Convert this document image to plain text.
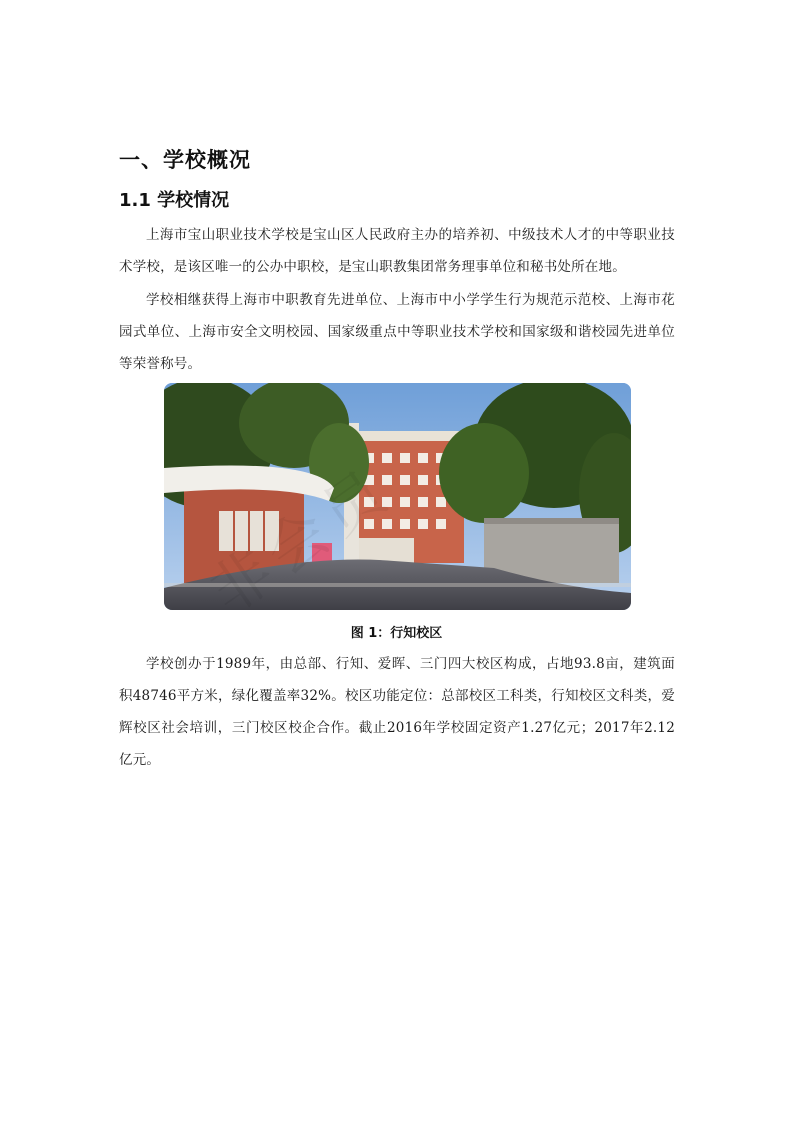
一、学校概况
1.1 学校情况

上海市宝山职业技术学校是宝山区人民政府主办的培养初、中级技术人才的中等职业技术学校，是该区唯一的公办中职校，是宝山职教集团常务理事单位和秘书处所在地。

学校相继获得上海市中职教育先进单位、上海市中小学学生行为规范示范校、上海市花园式单位、上海市安全文明校园、国家级重点中等职业技术学校和国家级和谐校园先进单位等荣誉称号。

图 1：行知校区

学校创办于1989年，由总部、行知、爱晖、三门四大校区构成，占地93.8亩，建筑面积48746平方米，绿化覆盖率32%。校区功能定位：总部校区工科类，行知校区文科类，爱辉校区社会培训，三门校区校企合作。截止2016年学校固定资产1.27亿元；2017年2.12亿元。
